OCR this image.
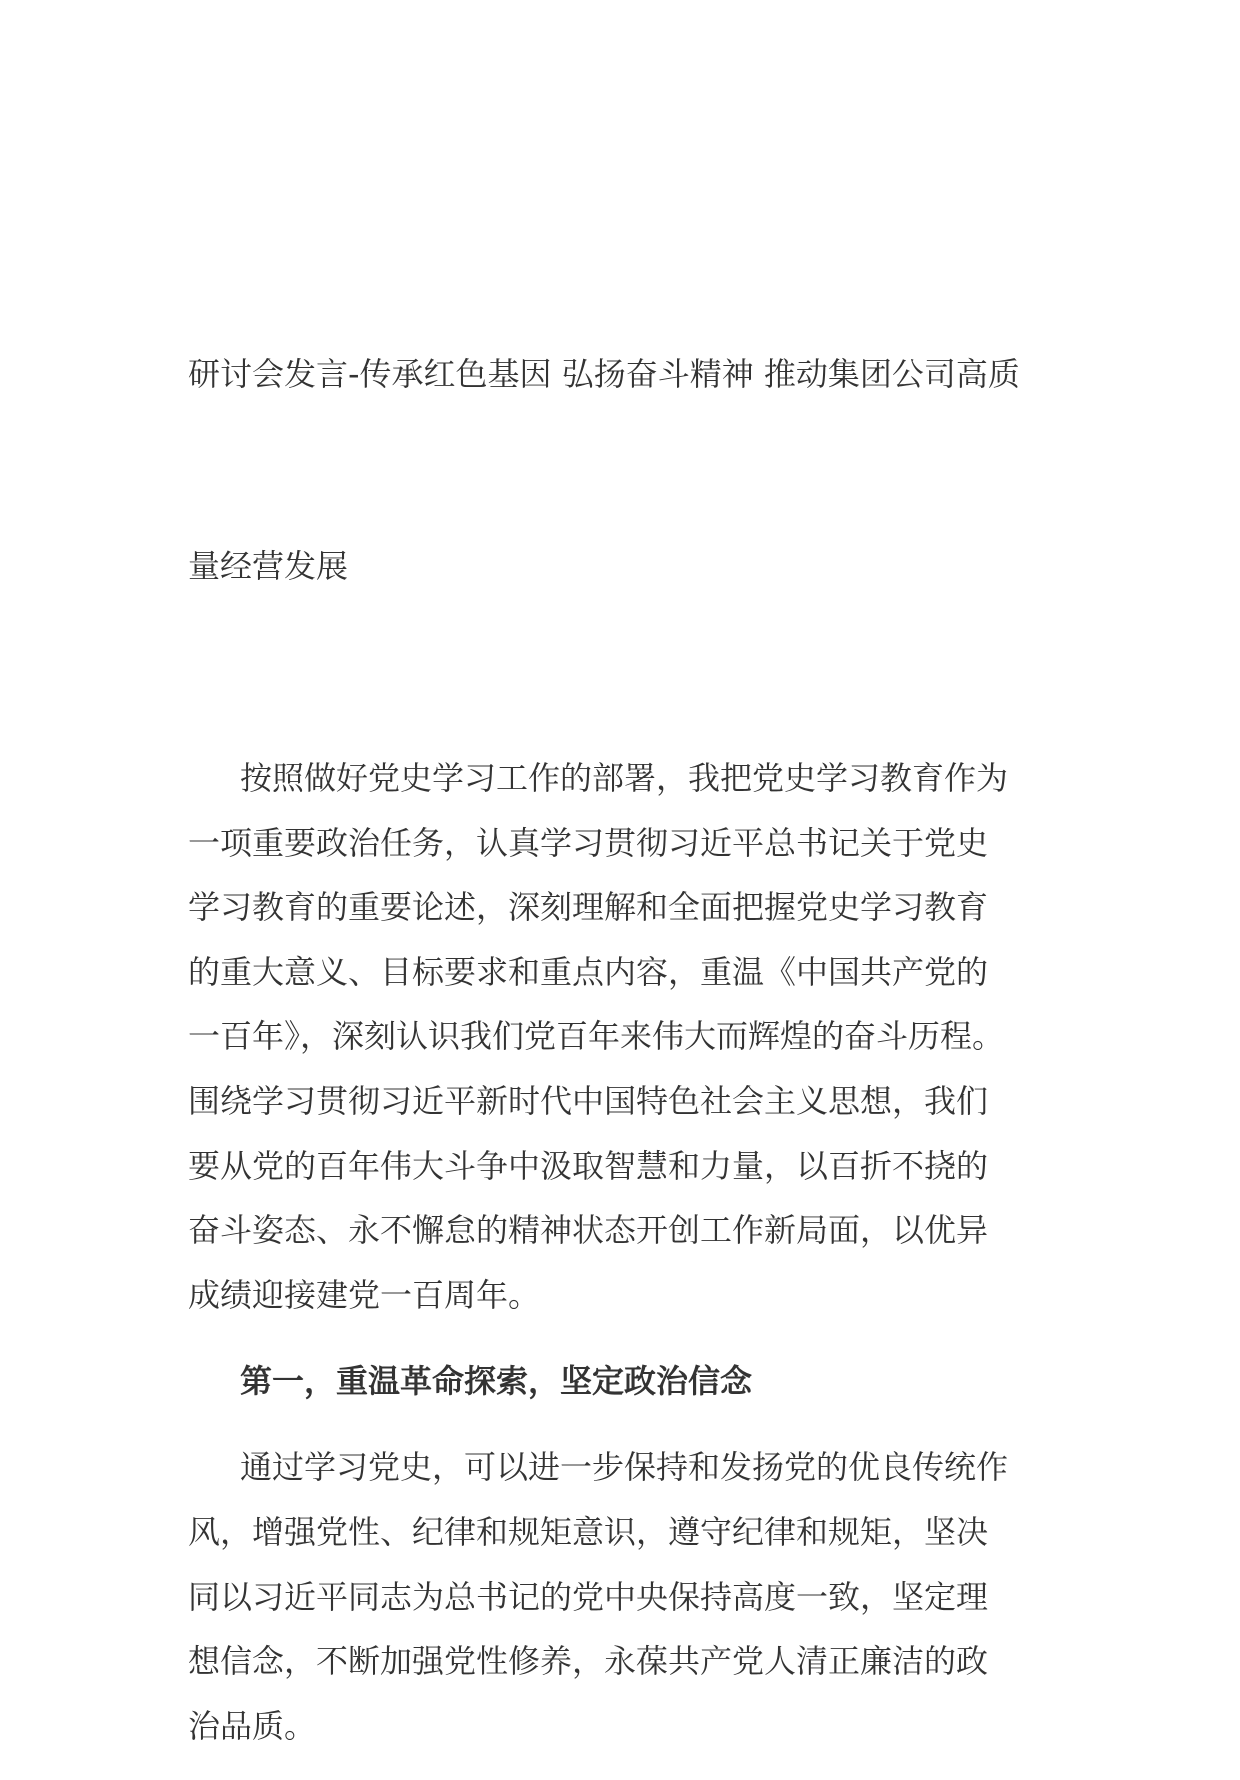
研讨会发言-传承红色基因 弘扬奋斗精神 推动集团公司高质

量经营发展

按照做好党史学习工作的部署，我把党史学习教育作为
一项重要政治任务，认真学习贯彻习近平总书记关于党史
学习教育的重要论述，深刻理解和全面把握党史学习教育
的重大意义、目标要求和重点内容，重温《中国共产党的
一百年》，深刻认识我们党百年来伟大而辉煌的奋斗历程。
围绕学习贯彻习近平新时代中国特色社会主义思想，我们
要从党的百年伟大斗争中汲取智慧和力量，以百折不挠的
奋斗姿态、永不懈怠的精神状态开创工作新局面，以优异
成绩迎接建党一百周年。

第一，重温革命探索，坚定政治信念

通过学习党史，可以进一步保持和发扬党的优良传统作
风，增强党性、纪律和规矩意识，遵守纪律和规矩，坚决
同以习近平同志为总书记的党中央保持高度一致，坚定理
想信念，不断加强党性修养，永葆共产党人清正廉洁的政
治品质。
